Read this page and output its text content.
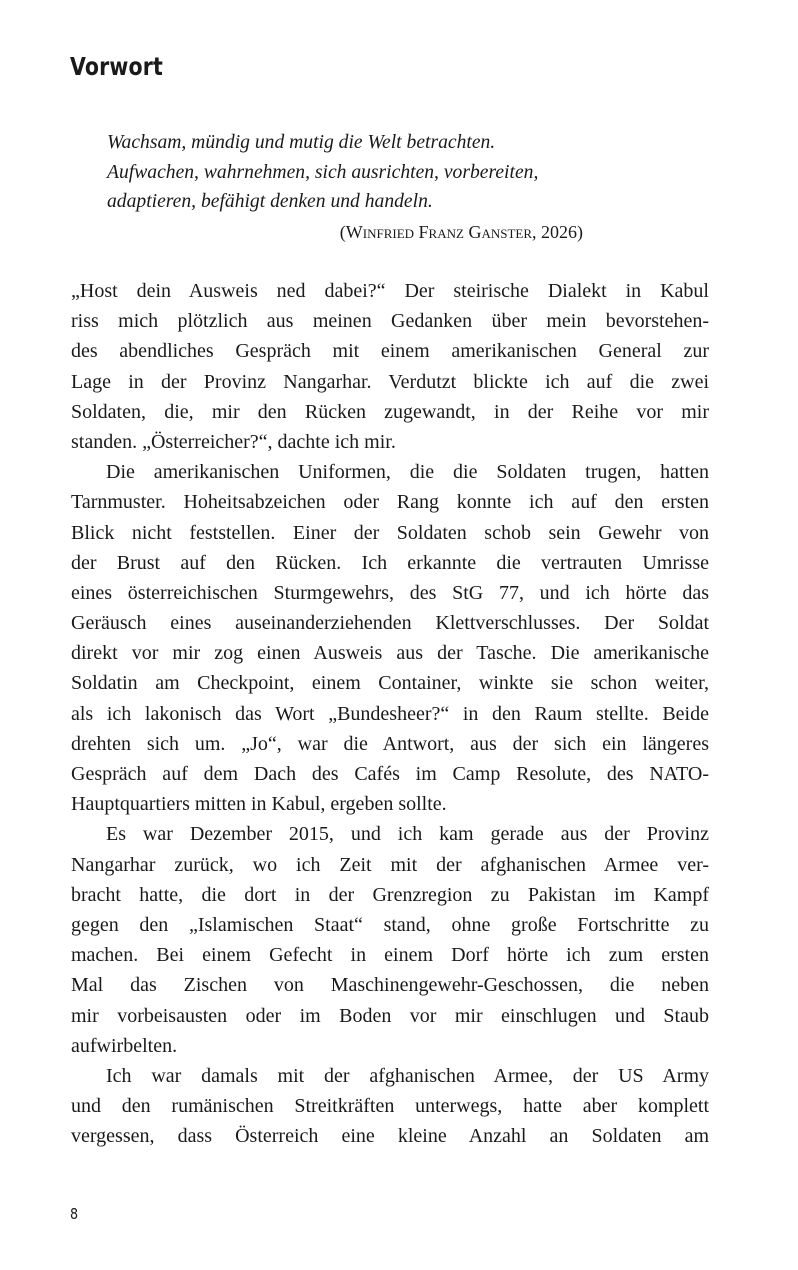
Vorwort
Wachsam, mündig und mutig die Welt betrachten.
Aufwachen, wahrnehmen, sich ausrichten, vorbereiten,
adaptieren, befähigt denken und handeln.
(Winfried Franz Ganster, 2026)
„Host dein Ausweis ned dabei?“ Der steirische Dialekt in Kabul
riss mich plötzlich aus meinen Gedanken über mein bevorstehen-
des abendliches Gespräch mit einem amerikanischen General zur
Lage in der Provinz Nangarhar. Verdutzt blickte ich auf die zwei
Soldaten, die, mir den Rücken zugewandt, in der Reihe vor mir
standen. „Österreicher?“, dachte ich mir.
Die amerikanischen Uniformen, die die Soldaten trugen, hatten
Tarnmuster. Hoheitsabzeichen oder Rang konnte ich auf den ersten
Blick nicht feststellen. Einer der Soldaten schob sein Gewehr von
der Brust auf den Rücken. Ich erkannte die vertrauten Umrisse
eines österreichischen Sturmgewehrs, des StG 77, und ich hörte das
Geräusch eines auseinanderziehenden Klettverschlusses. Der Soldat
direkt vor mir zog einen Ausweis aus der Tasche. Die amerikanische
Soldatin am Checkpoint, einem Container, winkte sie schon weiter,
als ich lakonisch das Wort „Bundesheer?“ in den Raum stellte. Beide
drehten sich um. „Jo“, war die Antwort, aus der sich ein längeres
Gespräch auf dem Dach des Cafés im Camp Resolute, des NATO-
Hauptquartiers mitten in Kabul, ergeben sollte.
Es war Dezember 2015, und ich kam gerade aus der Provinz
Nangarhar zurück, wo ich Zeit mit der afghanischen Armee ver-
bracht hatte, die dort in der Grenzregion zu Pakistan im Kampf
gegen den „Islamischen Staat“ stand, ohne große Fortschritte zu
machen. Bei einem Gefecht in einem Dorf hörte ich zum ersten
Mal das Zischen von Maschinengewehr-Geschossen, die neben
mir vorbeisausten oder im Boden vor mir einschlugen und Staub
aufwirbelten.
Ich war damals mit der afghanischen Armee, der US Army
und den rumänischen Streitkräften unterwegs, hatte aber komplett
vergessen, dass Österreich eine kleine Anzahl an Soldaten am
8
